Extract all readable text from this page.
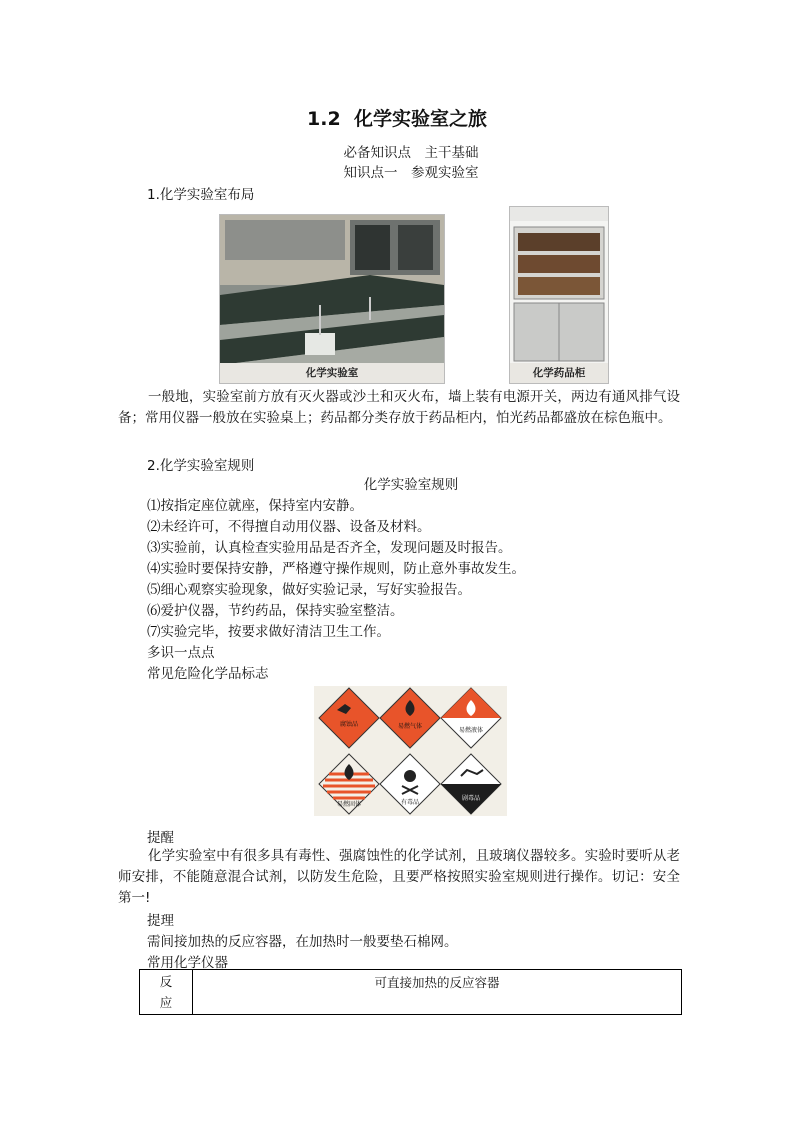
1.2 化学实验室之旅
必备知识点　主干基础
知识点一　参观实验室
1.化学实验室布局
化学实验室	化学药品柜
一般地，实验室前方放有灭火器或沙土和灭火布，墙上装有电源开关，两边有通风排气设备；常用仪器一般放在实验桌上；药品都分类存放于药品柜内，怕光药品都盛放在棕色瓶中。
2.化学实验室规则
化学实验室规则
⑴按指定座位就座，保持室内安静。
⑵未经许可，不得擅自动用仪器、设备及材料。
⑶实验前，认真检查实验用品是否齐全，发现问题及时报告。
⑷实验时要保持安静，严格遵守操作规则，防止意外事故发生。
⑸细心观察实验现象，做好实验记录，写好实验报告。
⑹爱护仪器，节约药品，保持实验室整洁。
⑺实验完毕，按要求做好清洁卫生工作。
多识一点点
常见危险化学品标志
腐蚀品	易燃气体
易燃液体
易燃固体	有毒品
剧毒品
提醒
化学实验室中有很多具有毒性、强腐蚀性的化学试剂，且玻璃仪器较多。实验时要听从老师安排，不能随意混合试剂，以防发生危险，且要严格按照实验室规则进行操作。切记：安全第一!
提理
需间接加热的反应容器，在加热时一般要垫石棉网。
常用化学仪器
反
应
	可直接加热的反应容器
